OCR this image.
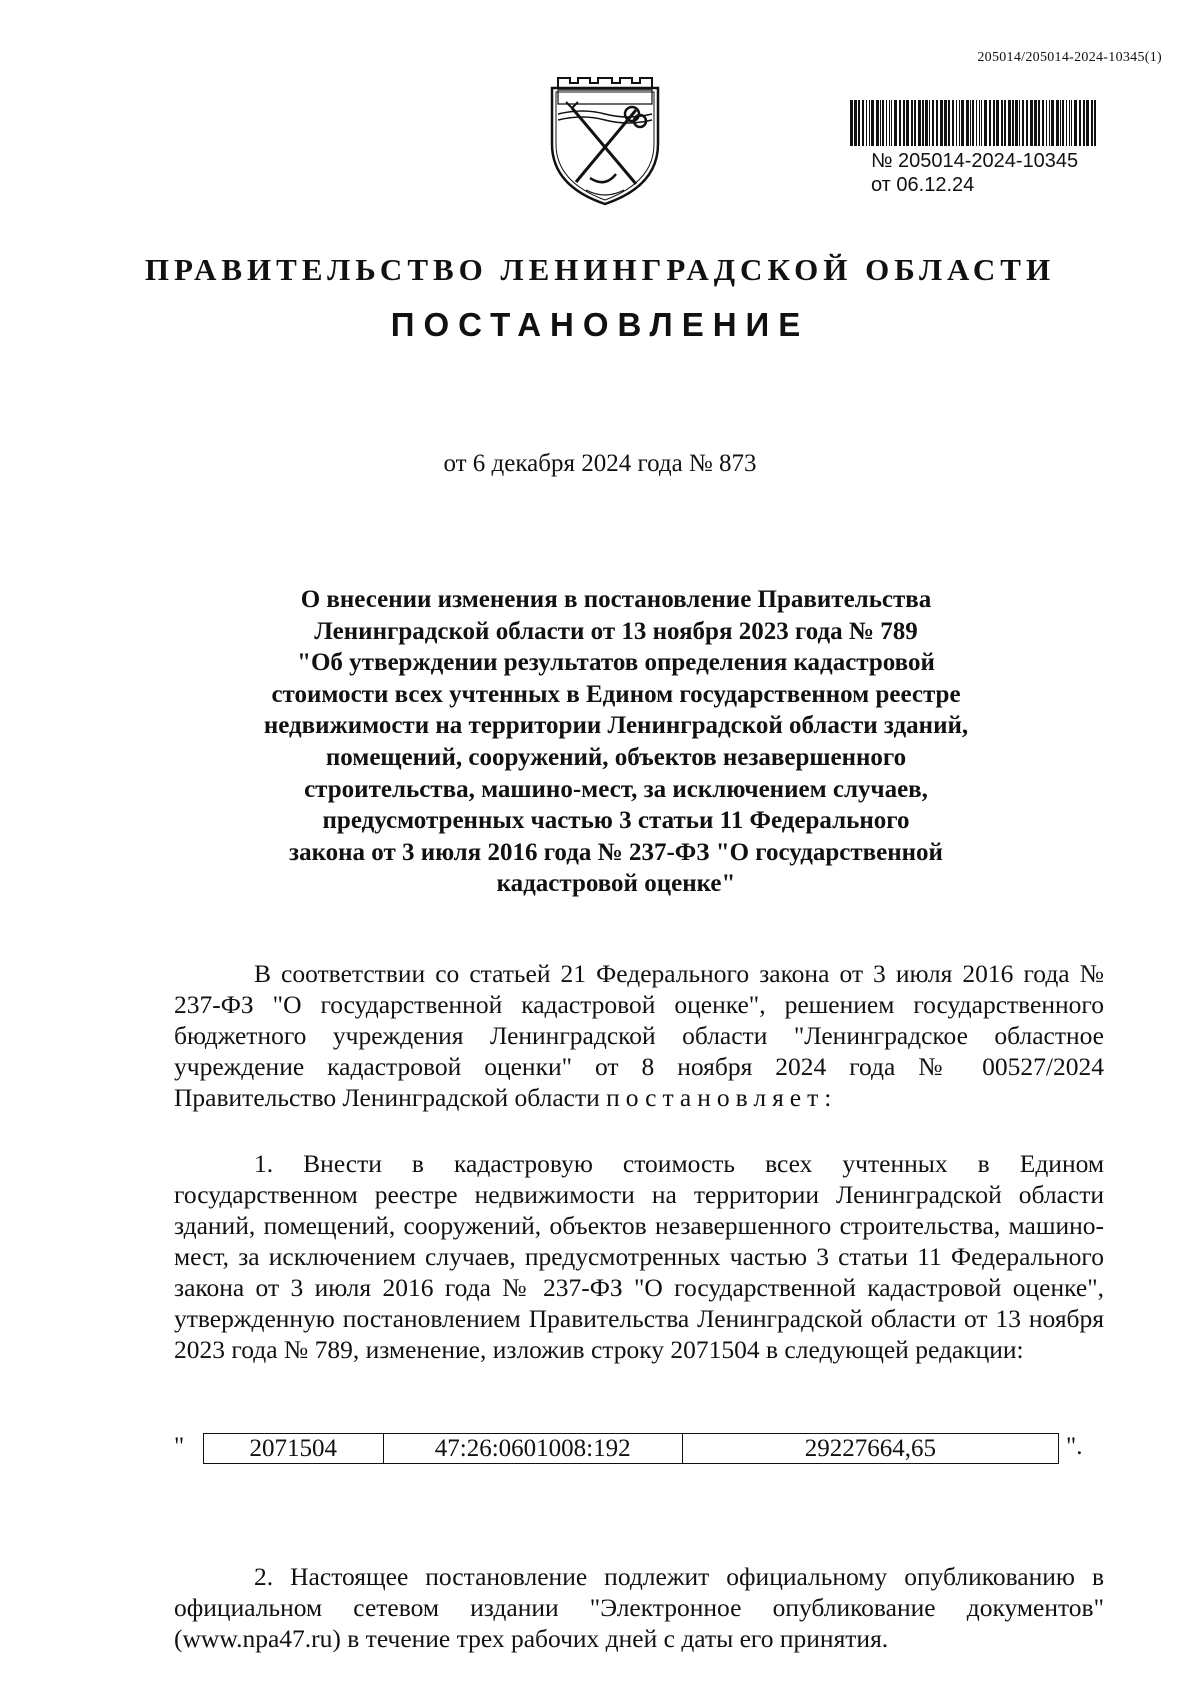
205014/205014-2024-10345(1)
№ 205014-2024-10345
от 06.12.24
ПРАВИТЕЛЬСТВО ЛЕНИНГРАДСКОЙ ОБЛАСТИ
ПОСТАНОВЛЕНИЕ
от 6 декабря 2024 года № 873
О внесении изменения в постановление Правительства
Ленинградской области от 13 ноября 2023 года № 789
"Об утверждении результатов определения кадастровой
стоимости всех учтенных в Едином государственном реестре
недвижимости на территории Ленинградской области зданий,
помещений, сооружений, объектов незавершенного
строительства, машино-мест, за исключением случаев,
предусмотренных частью 3 статьи 11 Федерального
закона от 3 июля 2016 года № 237-ФЗ "О государственной
кадастровой оценке"
В соответствии со статьей 21 Федерального закона от 3 июля 2016 года № 237-ФЗ "О государственной кадастровой оценке", решением государственного бюджетного учреждения Ленинградской области "Ленинградское областное учреждение кадастровой оценки" от 8 ноября 2024 года № 00527/2024 Правительство Ленинградской области постановляет:
1. Внести в кадастровую стоимость всех учтенных в Едином государственном реестре недвижимости на территории Ленинградской области зданий, помещений, сооружений, объектов незавершенного строительства, машино-мест, за исключением случаев, предусмотренных частью 3 статьи 11 Федерального закона от 3 июля 2016 года № 237-ФЗ "О государственной кадастровой оценке", утвержденную постановлением Правительства Ленинградской области от 13 ноября 2023 года № 789, изменение, изложив строку 2071504 в следующей редакции:
"	2071504	47:26:0601008:192	29227664,65	".
2. Настоящее постановление подлежит официальному опубликованию в официальном сетевом издании "Электронное опубликование документов" (www.npa47.ru) в течение трех рабочих дней с даты его принятия.
